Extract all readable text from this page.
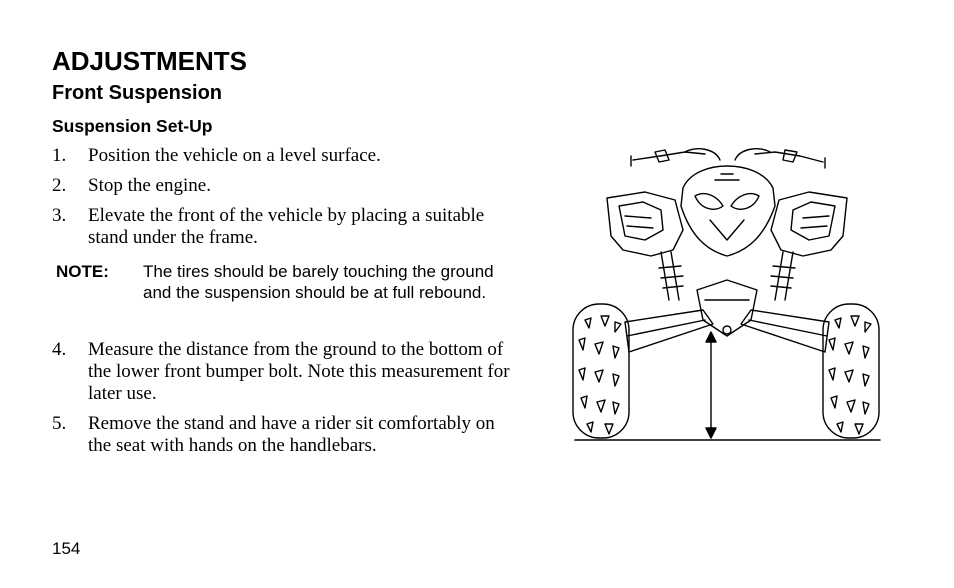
ADJUSTMENTS
Front Suspension
Suspension Set-Up
1.	Position the vehicle on a level surface.
2.	Stop the engine.
3.	Elevate the front of the vehicle by placing a suitable stand under the frame.
NOTE:	The tires should be barely touching the ground and the suspension should be at full rebound.
4.	Measure the distance from the ground to the bottom of the lower front bumper bolt. Note this measurement for later use.
5.	Remove the stand and have a rider sit comfortably on the seat with hands on the handlebars.
154
